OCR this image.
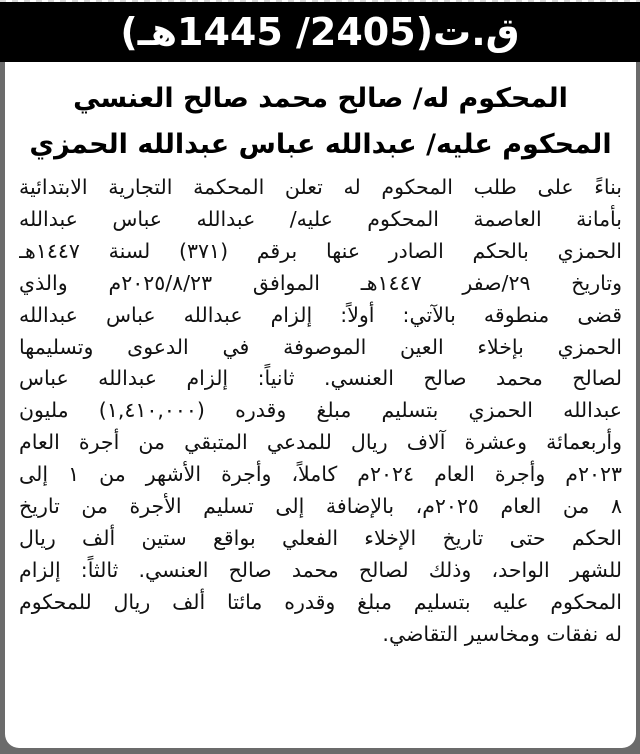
ق.ت(2405/ 1445هـ)
المحكوم له/ صالح محمد صالح العنسي
المحكوم عليه/ عبدالله عباس عبدالله الحمزي
بناءً على طلب المحكوم له تعلن المحكمة التجارية الابتدائية
بأمانة العاصمة المحكوم عليه/ عبدالله عباس عبدالله
الحمزي بالحكم الصادر عنها برقم (٣٧١) لسنة ١٤٤٧هـ
وتاريخ ٢٩/صفر ١٤٤٧هـ الموافق ٢٠٢٥/٨/٢٣م والذي
قضى منطوقه بالآتي: أولاً: إلزام عبدالله عباس عبدالله
الحمزي بإخلاء العين الموصوفة في الدعوى وتسليمها
لصالح محمد صالح العنسي. ثانياً: إلزام عبدالله عباس
عبدالله الحمزي بتسليم مبلغ وقدره (١,٤١٠,٠٠٠) مليون
وأربعمائة وعشرة آلاف ريال للمدعي المتبقي من أجرة العام
٢٠٢٣م وأجرة العام ٢٠٢٤م كاملاً، وأجرة الأشهر من ١ إلى
٨ من العام ٢٠٢٥م، بالإضافة إلى تسليم الأجرة من تاريخ
الحكم حتى تاريخ الإخلاء الفعلي بواقع ستين ألف ريال
للشهر الواحد، وذلك لصالح محمد صالح العنسي. ثالثاً: إلزام
المحكوم عليه بتسليم مبلغ وقدره مائتا ألف ريال للمحكوم
له نفقات ومخاسير التقاضي.
